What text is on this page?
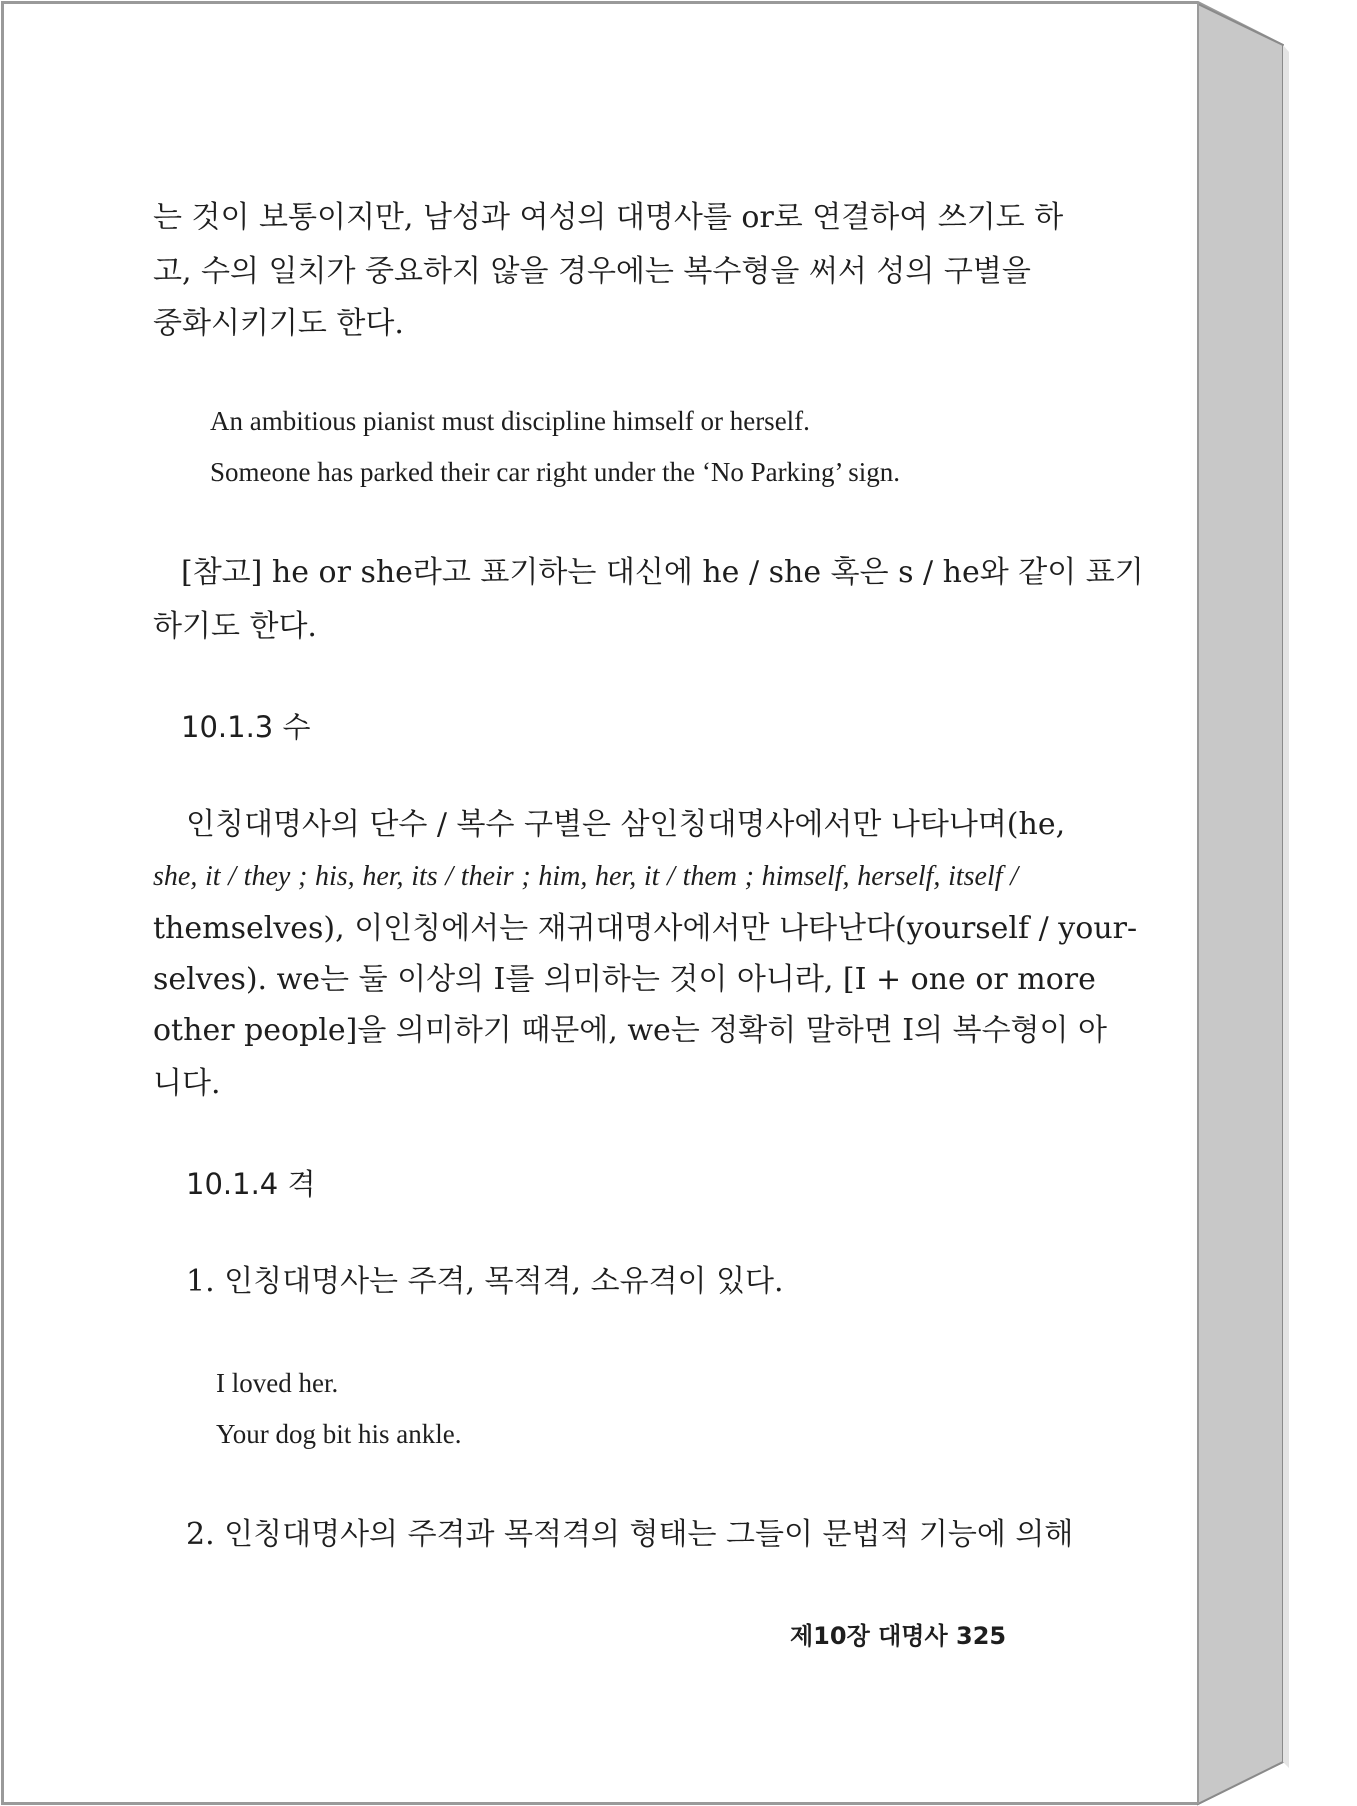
는 것이 보통이지만, 남성과 여성의 대명사를 or로 연결하여 쓰기도 하

고, 수의 일치가 중요하지 않을 경우에는 복수형을 써서 성의 구별을

중화시키기도 한다.

An ambitious pianist must discipline himself or herself.

Someone has parked their car right under the ‘No Parking’ sign.

[참고] he or she라고 표기하는 대신에 he / she 혹은 s / he와 같이 표기

하기도 한다.

10.1.3 수

인칭대명사의 단수 / 복수 구별은 삼인칭대명사에서만 나타나며(he,

she, it / they ; his, her, its / their ; him, her, it / them ; himself, herself, itself /

themselves), 이인칭에서는 재귀대명사에서만 나타난다(yourself / your-

selves). we는 둘 이상의 I를 의미하는 것이 아니라, [I + one or more

other people]을 의미하기 때문에, we는 정확히 말하면 I의 복수형이 아

니다.

10.1.4 격

1. 인칭대명사는 주격, 목적격, 소유격이 있다.

I loved her.

Your dog bit his ankle.

2. 인칭대명사의 주격과 목적격의 형태는 그들이 문법적 기능에 의해

제10장 대명사 325
